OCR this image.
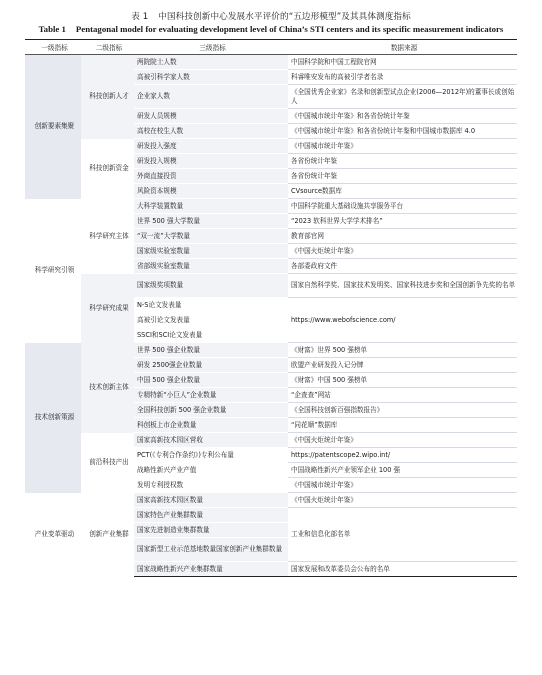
表 1 中国科技创新中心发展水平评价的“五边形模型”及其具体测度指标
Table 1 Pentagonal model for evaluating development level of China’s STI centers and its specific measurement indicators
一级指标	二级指标	三级指标	数据来源
创新要素集聚	科技创新人才	两院院士人数	中国科学院和中国工程院官网
		高被引科学家人数	科睿唯安发布的高被引学者名录
		企业家人数	《全国优秀企业家》名录和创新型试点企业(2006—2012年)的董事长或创始人
		研发人员规模	《中国城市统计年鉴》和各省份统计年鉴
		高校在校生人数	《中国城市统计年鉴》和各省份统计年鉴和中国城市数据库 4.0
	科技创新资金	研发投入强度	《中国城市统计年鉴》
		研发投入规模	各省份统计年鉴
		外商直接投资	各省份统计年鉴
		风险资本规模	CVsource数据库
科学研究引领	科学研究主体	大科学装置数量	中国科学院重大基础设施共享服务平台
		世界 500 强大学数量	“2023 软科世界大学学术排名”
		“双一流”大学数量	教育部官网
		国家级实验室数量	《中国火炬统计年鉴》
		省部级实验室数量	各部委政府文件
	科学研究成果	国家级奖项数量	国家自然科学奖、国家技术发明奖、国家科技进步奖和全国创新争先奖的名单
		N-S论文发表量	https://www.webofscience.com/
		高被引论文发表量	
		SSCI和SCI论文发表量	
技术创新策源	技术创新主体	世界 500 强企业数量	《财富》世界 500 强榜单
		研发 2500强企业数量	欧盟产业研发投入记分牌
		中国 500 强企业数量	《财富》中国 500 强榜单
		专精特新“小巨人”企业数量	“企查查”网站
		全国科技创新 500 强企业数量	《全国科技创新百强指数报告》
		科创板上市企业数量	“同花顺”数据库
	前沿科技产出	国家高新技术园区营收	《中国火炬统计年鉴》
		PCT(《专利合作条约》)专利公布量	https://patentscope2.wipo.int/
		战略性新兴产业产值	中国战略性新兴产业领军企业 100 强
		发明专利授权数	《中国城市统计年鉴》
产业变革驱动	创新产业集群	国家高新技术园区数量	《中国火炬统计年鉴》
		国家特色产业集群数量	工业和信息化部名单
		国家先进制造业集群数量	
		国家新型工业示范基地数量国家创新产业集群数量	
		国家战略性新兴产业集群数量	国家发展和改革委员会公布的名单
